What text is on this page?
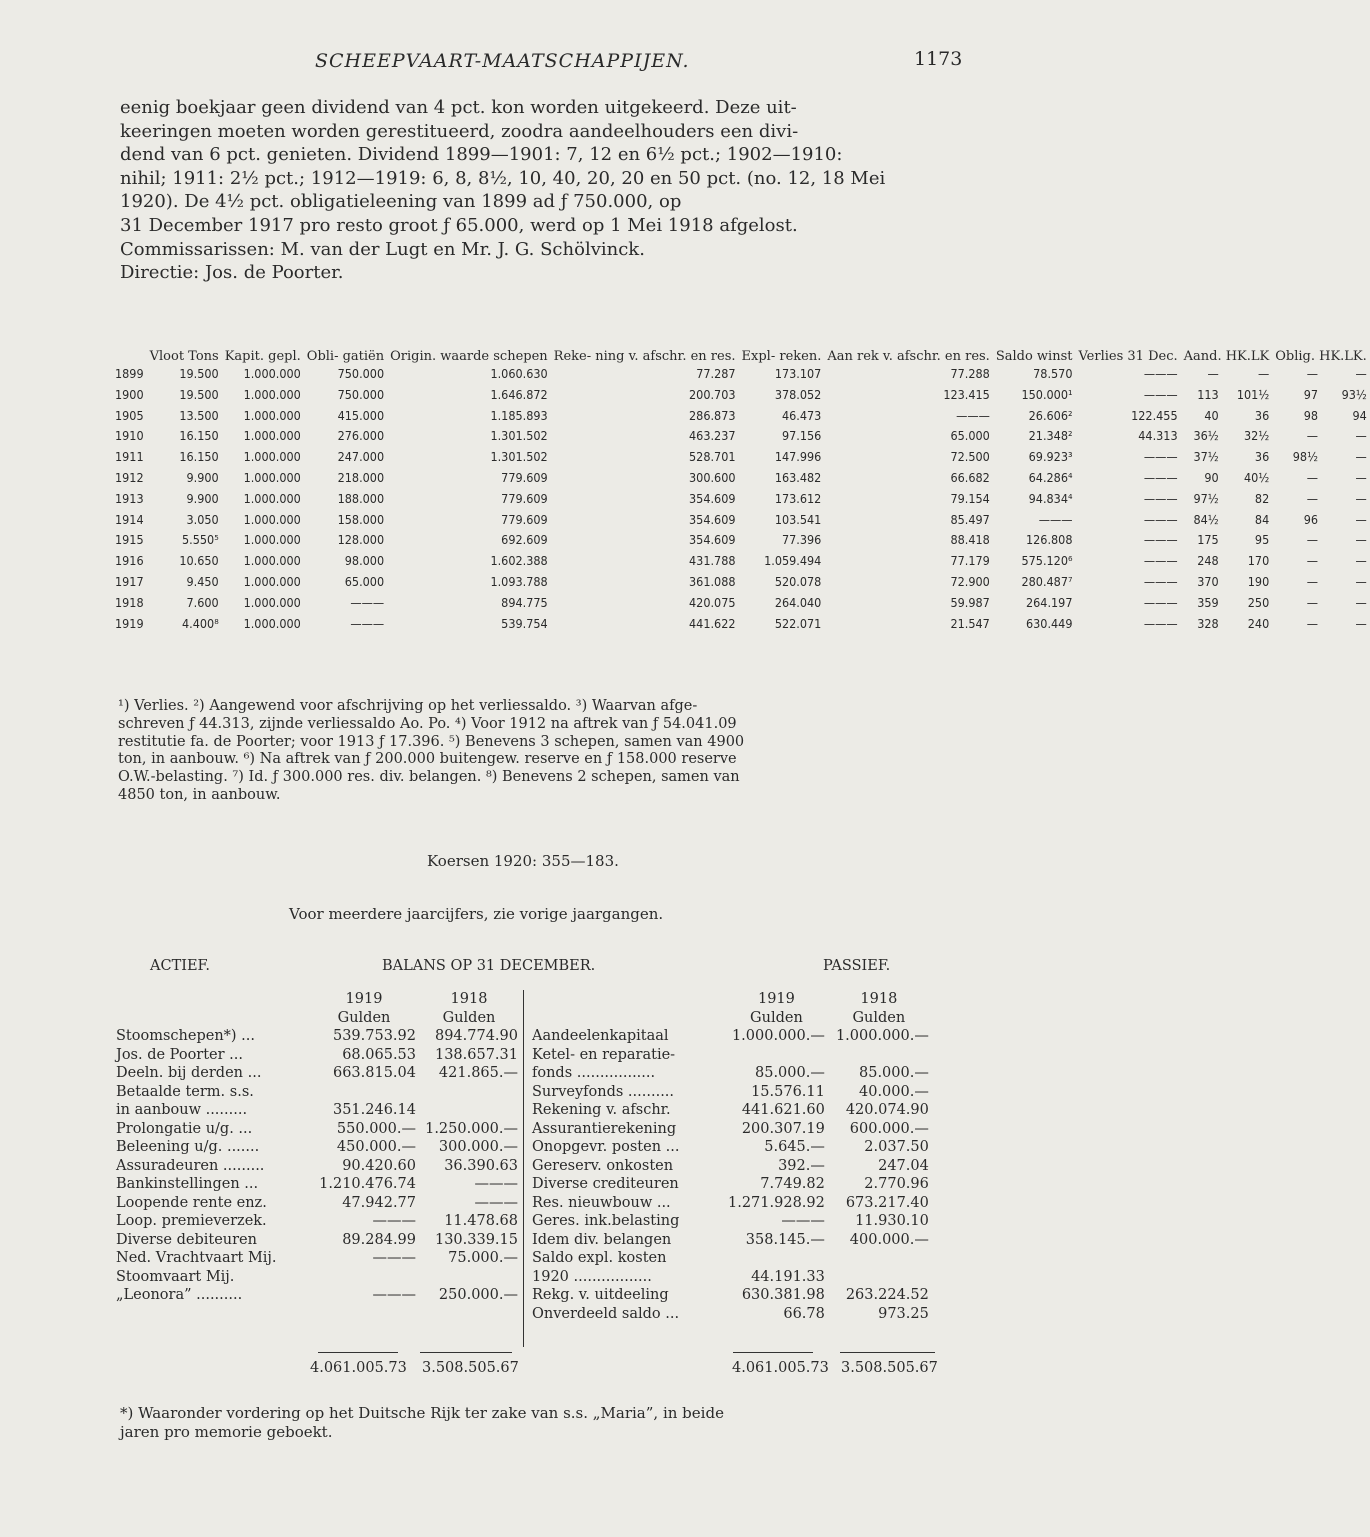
SCHEEPVAART-MAATSCHAPPIJEN.	1173
eenig boekjaar geen dividend van 4 pct. kon worden uitgekeerd. Deze uit-
keeringen moeten worden gerestitueerd, zoodra aandeelhouders een divi-
dend van 6 pct. genieten. Dividend 1899—1901: 7, 12 en 6½ pct.; 1902—1910:
nihil; 1911: 2½ pct.; 1912—1919: 6, 8, 8½, 10, 40, 20, 20 en 50 pct. (no. 12, 18 Mei
1920). De 4½ pct. obligatieleening van 1899 ad ƒ 750.000, op
31 December 1917 pro resto groot ƒ 65.000, werd op 1 Mei 1918 afgelost.
Commissarissen: M. van der Lugt en Mr. J. G. Schölvinck.
Directie: Jos. de Poorter.
	Vloot Tons	Kapit. gepl.	Obli- gatiën	Origin. waarde schepen	Reke- ning v. afschr. en res.	Expl- reken.	Aan rek v. afschr. en res.	Saldo winst	Verlies 31 Dec.	Aand. HK.LK		Oblig. HK.LK.	
1899	19.500	1.000.000	750.000	1.060.630	77.287	173.107	77.288	78.570	———	—	—	—	—
1900	19.500	1.000.000	750.000	1.646.872	200.703	378.052	123.415	150.000¹	———	113	101½	97	93½
1905	13.500	1.000.000	415.000	1.185.893	286.873	46.473	———	26.606²	122.455	40	36	98	94
1910	16.150	1.000.000	276.000	1.301.502	463.237	97.156	65.000	21.348²	44.313	36½	32½	—	—
1911	16.150	1.000.000	247.000	1.301.502	528.701	147.996	72.500	69.923³	———	37½	36	98½	—
1912	9.900	1.000.000	218.000	779.609	300.600	163.482	66.682	64.286⁴	———	90	40½	—	—
1913	9.900	1.000.000	188.000	779.609	354.609	173.612	79.154	94.834⁴	———	97½	82	—	—
1914	3.050	1.000.000	158.000	779.609	354.609	103.541	85.497	———	———	84½	84	96	—
1915	5.550⁵	1.000.000	128.000	692.609	354.609	77.396	88.418	126.808	———	175	95	—	—
1916	10.650	1.000.000	98.000	1.602.388	431.788	1.059.494	77.179	575.120⁶	———	248	170	—	—
1917	9.450	1.000.000	65.000	1.093.788	361.088	520.078	72.900	280.487⁷	———	370	190	—	—
1918	7.600	1.000.000	———	894.775	420.075	264.040	59.987	264.197	———	359	250	—	—
1919	4.400⁸	1.000.000	———	539.754	441.622	522.071	21.547	630.449	———	328	240	—	—
¹) Verlies. ²) Aangewend voor afschrijving op het verliessaldo. ³) Waarvan afge-
schreven ƒ 44.313, zijnde verliessaldo Ao. Po. ⁴) Voor 1912 na aftrek van ƒ 54.041.09
restitutie fa. de Poorter; voor 1913 ƒ 17.396. ⁵) Benevens 3 schepen, samen van 4900
ton, in aanbouw. ⁶) Na aftrek van ƒ 200.000 buitengew. reserve en ƒ 158.000 reserve
O.W.-belasting. ⁷) Id. ƒ 300.000 res. div. belangen. ⁸) Benevens 2 schepen, samen van
4850 ton, in aanbouw.
Koersen 1920: 355—183.
Voor meerdere jaarcijfers, zie vorige jaargangen.
ACTIEF.	BALANS OP 31 DECEMBER.	PASSIEF.
	1919	1918
	Gulden	Gulden
Stoomschepen*) ...	539.753.92	894.774.90
Jos. de Poorter ...	68.065.53	138.657.31
Deeln. bij derden ...	663.815.04	421.865.—
Betaalde term. s.s.		
in aanbouw .........	351.246.14	
Prolongatie u/g. ...	550.000.—	1.250.000.—
Beleening u/g. .......	450.000.—	300.000.—
Assuradeuren .........	90.420.60	36.390.63
Bankinstellingen ...	1.210.476.74	———
Loopende rente enz.	47.942.77	———
Loop. premieverzek.	———	11.478.68
Diverse debiteuren	89.284.99	130.339.15
Ned. Vrachtvaart Mij.	———	75.000.—
Stoomvaart Mij.		
„Leonora” ..........	———	250.000.—
	1919	1918
	Gulden	Gulden
Aandeelenkapitaal	1.000.000.—	1.000.000.—
Ketel- en reparatie-		
fonds .................	85.000.—	85.000.—
Surveyfonds ..........	15.576.11	40.000.—
Rekening v. afschr.	441.621.60	420.074.90
Assurantierekening	200.307.19	600.000.—
Onopgevr. posten ...	5.645.—	2.037.50
Gereserv. onkosten	392.—	247.04
Diverse crediteuren	7.749.82	2.770.96
Res. nieuwbouw ...	1.271.928.92	673.217.40
Geres. ink.belasting	———	11.930.10
Idem div. belangen	358.145.—	400.000.—
Saldo expl. kosten		
1920 .................	44.191.33	
Rekg. v. uitdeeling	630.381.98	263.224.52
Onverdeeld saldo ...	66.78	973.25
4.061.005.73 3.508.505.67	4.061.005.73 3.508.505.67
*) Waaronder vordering op het Duitsche Rijk ter zake van s.s. „Maria”, in beide
jaren pro memorie geboekt.
